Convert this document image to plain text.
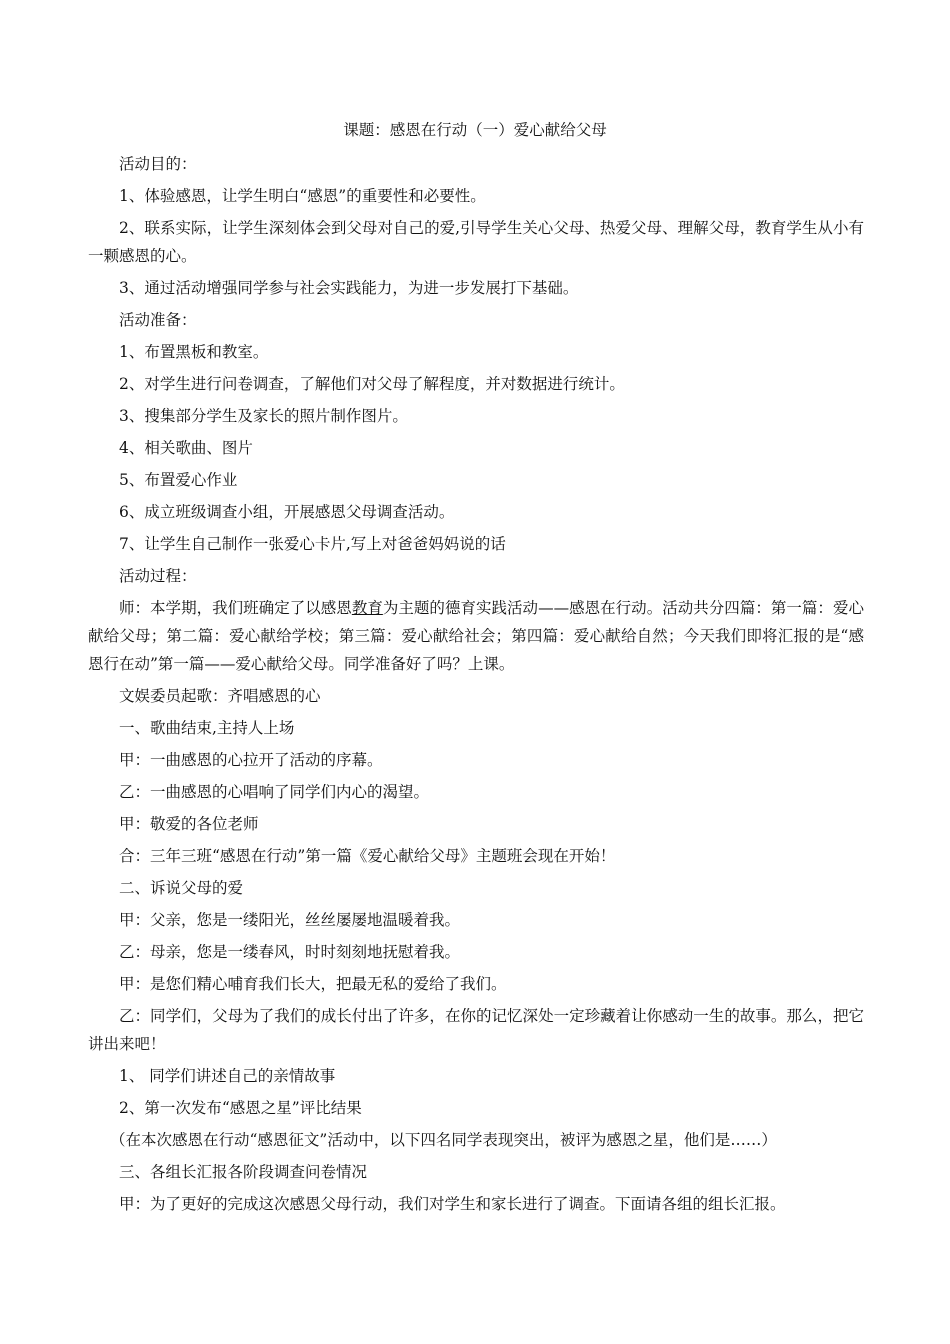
课题：感恩在行动（一）爱心献给父母

活动目的：

1、体验感恩，让学生明白“感恩”的重要性和必要性。

2、联系实际，让学生深刻体会到父母对自己的爱,引导学生关心父母、热爱父母、理解父母，教育学生从小有一颗感恩的心。

3、通过活动增强同学参与社会实践能力，为进一步发展打下基础。

活动准备：

1、布置黑板和教室。

2、对学生进行问卷调查，了解他们对父母了解程度，并对数据进行统计。

3、搜集部分学生及家长的照片制作图片。

4、相关歌曲、图片

5、布置爱心作业

6、成立班级调查小组，开展感恩父母调查活动。

7、让学生自己制作一张爱心卡片,写上对爸爸妈妈说的话

活动过程：

师：本学期，我们班确定了以感恩教育为主题的德育实践活动——感恩在行动。活动共分四篇：第一篇：爱心献给父母；第二篇：爱心献给学校；第三篇：爱心献给社会；第四篇：爱心献给自然；今天我们即将汇报的是“感恩行在动”第一篇——爱心献给父母。同学准备好了吗？上课。

文娱委员起歌：齐唱感恩的心

一、歌曲结束,主持人上场

甲：一曲感恩的心拉开了活动的序幕。

乙：一曲感恩的心唱响了同学们内心的渴望。

甲：敬爱的各位老师

合：三年三班“感恩在行动”第一篇《爱心献给父母》主题班会现在开始！

二、诉说父母的爱

甲：父亲，您是一缕阳光，丝丝屡屡地温暖着我。

乙：母亲，您是一缕春风，时时刻刻地抚慰着我。

甲：是您们精心哺育我们长大，把最无私的爱给了我们。

乙：同学们，父母为了我们的成长付出了许多，在你的记忆深处一定珍藏着让你感动一生的故事。那么，把它讲出来吧！

1、 同学们讲述自己的亲情故事

2、第一次发布“感恩之星”评比结果

（在本次感恩在行动“感恩征文”活动中，以下四名同学表现突出，被评为感恩之星，他们是……）

三、各组长汇报各阶段调查问卷情况

甲：为了更好的完成这次感恩父母行动，我们对学生和家长进行了调查。下面请各组的组长汇报。
